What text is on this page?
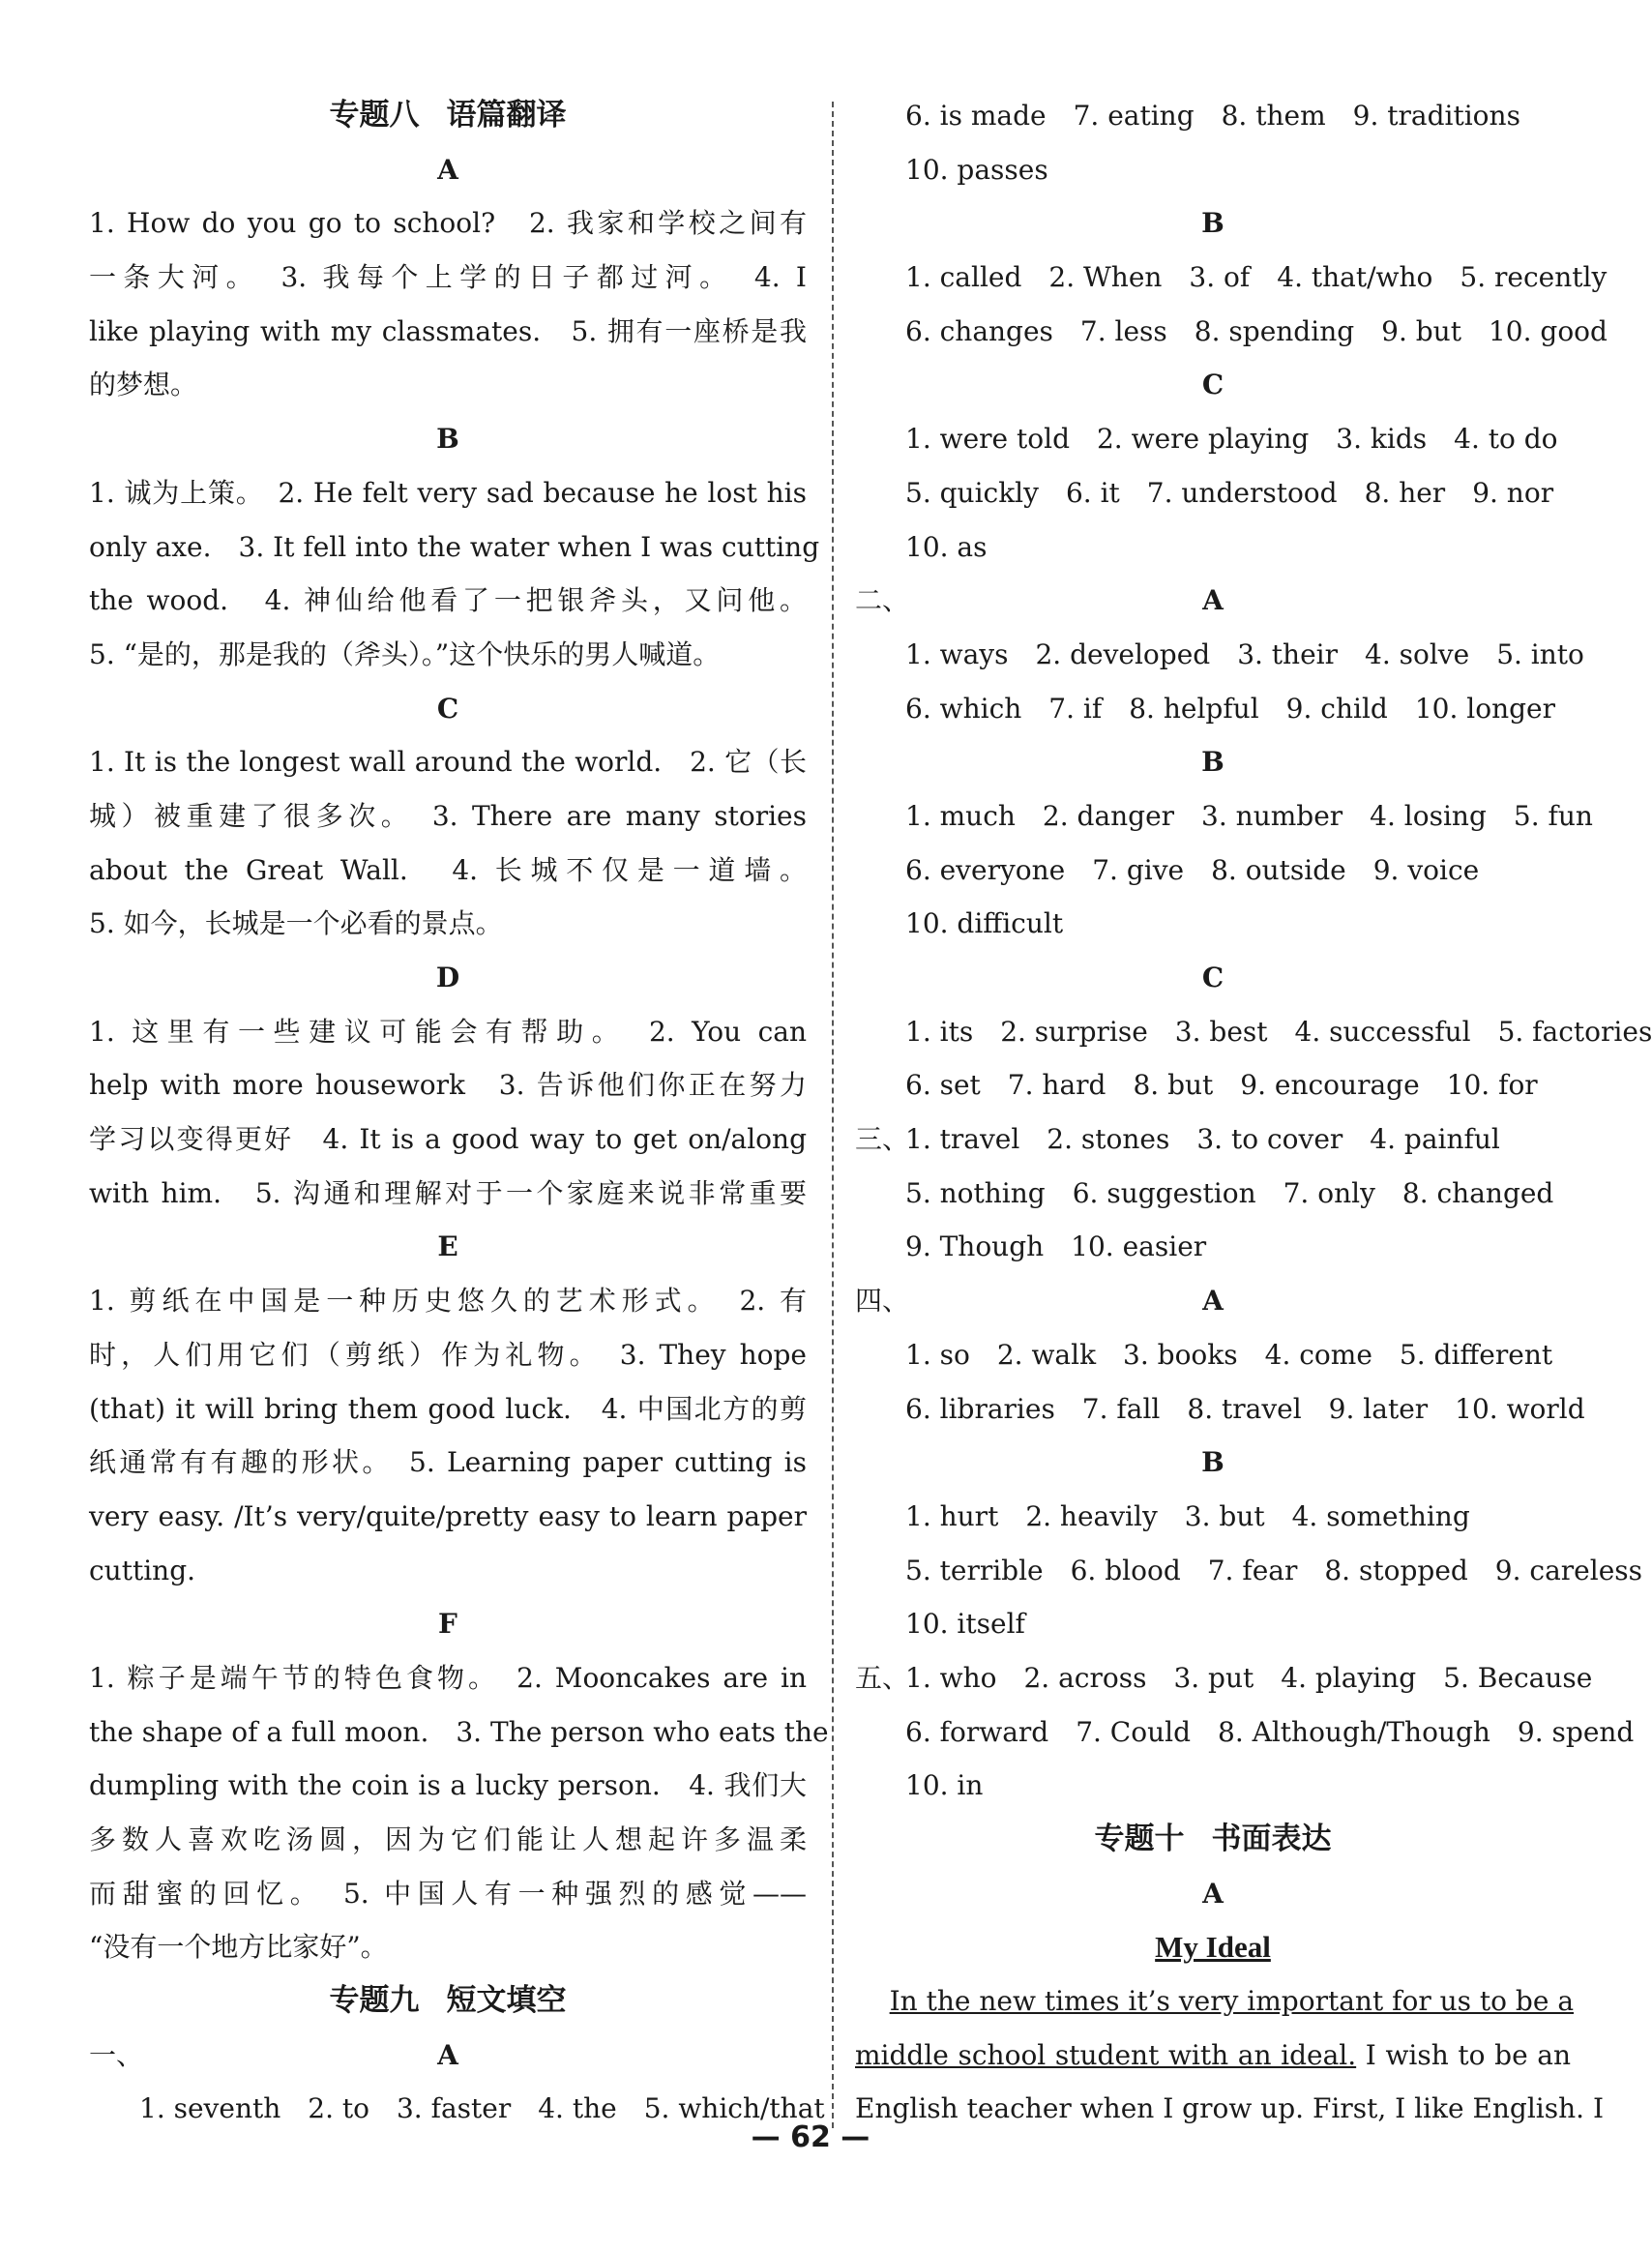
专题八 语篇翻译
A
1. How do you go to school?　2. 我家和学校之间有
一条大河。　3. 我每个上学的日子都过河。　4. I
like playing with my classmates.　5. 拥有一座桥是我
的梦想。
B
1. 诚为上策。　2. He felt very sad because he lost his
only axe.　3. It fell into the water when I was cutting
the wood.　4. 神仙给他看了一把银斧头，又问他。
5. “是的，那是我的（斧头）。”这个快乐的男人喊道。
C
1. It is the longest wall around the world.　2. 它（长
城）被重建了很多次。　3. There are many stories
about the Great Wall.　4. 长城不仅是一道墙。
5. 如今，长城是一个必看的景点。
D
1. 这里有一些建议可能会有帮助。　2. You can
help with more housework　3. 告诉他们你正在努力
学习以变得更好　4. It is a good way to get on/along
with him.　5. 沟通和理解对于一个家庭来说非常重要
E
1. 剪纸在中国是一种历史悠久的艺术形式。　2. 有
时，人们用它们（剪纸）作为礼物。　3. They hope
(that) it will bring them good luck.　4. 中国北方的剪
纸通常有有趣的形状。　5. Learning paper cutting is
very easy. /It’s very/quite/pretty easy to learn paper
cutting.
F
1. 粽子是端午节的特色食物。　2. Mooncakes are in
the shape of a full moon.　3. The person who eats the
dumpling with the coin is a lucky person.　4. 我们大
多数人喜欢吃汤圆，因为它们能让人想起许多温柔
而甜蜜的回忆。　5. 中国人有一种强烈的感觉——
“没有一个地方比家好”。
专题九 短文填空
一、	A
1. seventh　2. to　3. faster　4. the　5. which/that
6. is made　7. eating　8. them　9. traditions
10. passes
B
1. called　2. When　3. of　4. that/who　5. recently
6. changes　7. less　8. spending　9. but　10. good
C
1. were told　2. were playing　3. kids　4. to do
5. quickly　6. it　7. understood　8. her　9. nor
10. as
二、	A
1. ways　2. developed　3. their　4. solve　5. into
6. which　7. if　8. helpful　9. child　10. longer
B
1. much　2. danger　3. number　4. losing　5. fun
6. everyone　7. give　8. outside　9. voice
10. difficult
C
1. its　2. surprise　3. best　4. successful　5. factories
6. set　7. hard　8. but　9. encourage　10. for
三、
1. travel　2. stones　3. to cover　4. painful
5. nothing　6. suggestion　7. only　8. changed
9. Though　10. easier
四、	A
1. so　2. walk　3. books　4. come　5. different
6. libraries　7. fall　8. travel　9. later　10. world
B
1. hurt　2. heavily　3. but　4. something
5. terrible　6. blood　7. fear　8. stopped　9. careless
10. itself
五、
1. who　2. across　3. put　4. playing　5. Because
6. forward　7. Could　8. Although/Though　9. spend
10. in
专题十 书面表达
A
My Ideal
In the new times it’s very important for us to be a
middle school student with an ideal. I wish to be an
English teacher when I grow up. First, I like English. I
— 62 —
